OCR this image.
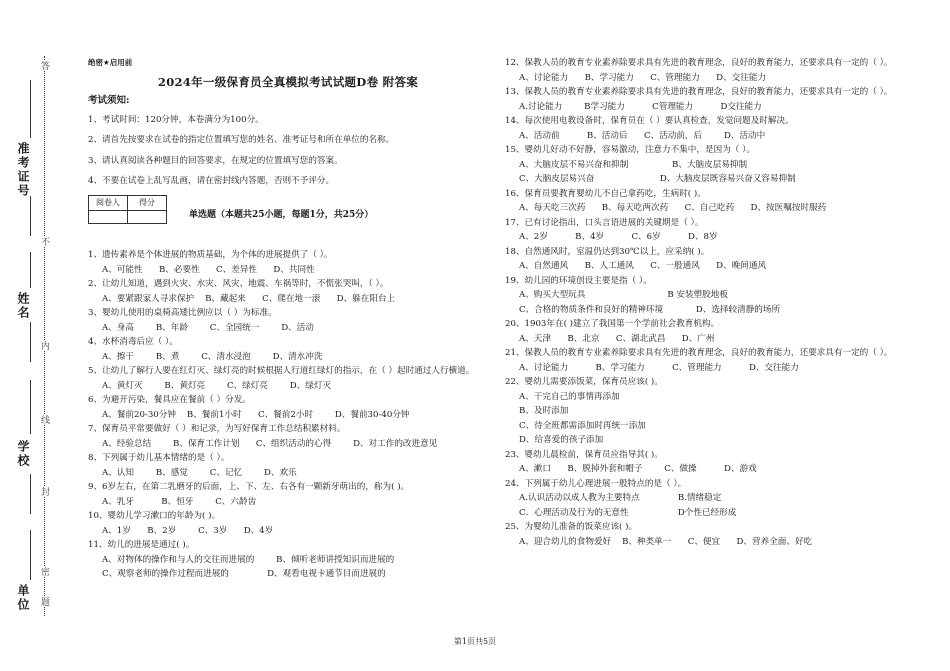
准考证号
姓名
学校
单位
答
不
内
线
封
密
题
绝密★启用前
2024年一级保育员全真模拟考试试题D卷 附答案
考试须知:
1、考试时间：120分钟，本卷满分为100分。
2、请首先按要求在试卷的指定位置填写您的姓名、准考证号和所在单位的名称。
3、请认真阅读各种题目的回答要求，在规定的位置填写您的答案。
4、不要在试卷上乱写乱画，请在密封线内答题，否则不予评分。
阅卷人	得分

单选题（本题共25小题，每题1分，共25分）
1、遗传素养是个体进展的物质基础，为个体的进展提供了（ ）。
A、可能性      B、必要性      C、差异性      D、共同性
2、让幼儿知道，遇到火灾、水灾、风灾、地震、车祸等时，不慌张哭叫，（ ）。
A、要紧跟家人寻求保护    B、藏起来      C、爬在地一滚      D、躲在阳台上
3、婴幼儿使用的桌椅高矮比例应以（ ）为标准。
A、身高        B、年龄        C、全园统一        D、活动
4、水杯消毒后应（ ）。
A、擦干        B、煮        C、清水浸泡        D、清水冲洗
5、让幼儿了解行人要在红灯灭、绿灯亮的时候根据人行道红绿灯的指示，在（ ）起时通过人行横道。
A、黄灯灭        B、黄灯亮        C、绿灯亮        D、绿灯灭
6、为避开污染，餐具应在餐前（ ）分发。
A、餐前20-30分钟    B、餐前1小时      C、餐前2小时        D、餐前30-40分钟
7、保育员平常要做好（ ）和记录，为写好保育工作总结积累材料。
A、经验总结        B、保育工作计划      C、组织活动的心得        D、对工作的改进意见
8、下列属于幼儿基本情绪的是（ ）。
A、认知        B、感觉        C、记忆        D、欢乐
9、6岁左右，在第二乳磨牙的后面，上、下、左、右各有一颗新牙萌出的，称为( )。
A、乳牙          B、恒牙        C、六龄齿
10、婴幼儿学习漱口的年龄为( )。
A、1岁      B、2岁        C、3岁      D、4岁
11、幼儿的进展是通过( )。
A、对物体的操作和与人的交往而进展的        B、倾听老师讲授知识而进展的
C、观察老师的操作过程而进展的              D、观看电视卡通节目而进展的
12、保教人员的教育专业素养除要求具有先进的教育理念，良好的教育能力，还要求具有一定的（ ）。
A、讨论能力      B、学习能力      C、管理能力      D、交往能力
13、保教人员的教育专业素养除要求具有先进的教育理念，良好的教育能力，还要求具有一定的（ ）。
A.讨论能力        B学习能力          C管理能力          D交往能力
14、每次使用电教设备时，保育员在（ ）要认真检查，发觉问题及时解决。
A、活动前          B、活动后      C、活动前，后        D、活动中
15、婴幼儿好动不好静，容易激动，注意力不集中，是因为（ ）。
A、大脑皮层不易兴奋和抑制                B、大脑皮层易抑制
C、大脑皮层易兴奋                        D、大脑皮层既容易兴奋又容易抑制
16、保育员要教育婴幼儿不自己拿药吃，生病时( )。
A、每天吃三次药      B、每天吃两次药      C、自己吃药      D、按医嘱按时服药
17、已有讨论指出，口头言语进展的关键期是（ ）。
A、2岁          B、4岁          C、6岁          D、8岁
18、自然通风时，室温仍达到30℃以上，应采纳( )。
A、自然通风      B、人工通风      C、一般通风      D、晚间通风
19、幼儿园的环境创设主要是指（ ）。
A、购买大型玩具                              B 安装塑胶地板
C、合格的物质条件和良好的精神环境            D、选择较清静的场所
20、1903年在( )建立了我国第一个学前社会教育机构。
A、天津      B、北京      C、湖北武昌      D、广州
21、保教人员的教育专业素养除要求具有先进的教育理念，良好的教育能力，还要求具有一定的（ ）。
A、讨论能力          B、学习能力          C、管理能力          D、交往能力
22、婴幼儿需要添饭菜，保育员应该( )。
A、干完自己的事情再添加
B、及时添加
C、待全班都需添加时再统一添加
D、给喜爱的孩子添加
23、婴幼儿晨检前，保育员应指导其( )。
A、漱口      B、脱掉外套和帽子        C、做操          D、游戏
24、下列属于幼儿心理进展一般特点的是（ ）。
A.认识活动以成人教为主要特点              B.情绪稳定
C．心理活动及行为的无意性                  D个性已经形成
25、为婴幼儿准备的饭菜应该( )。
A、迎合幼儿的食物爱好    B、种类单一      C、便宜      D、营养全面、好吃
第1页共5页
